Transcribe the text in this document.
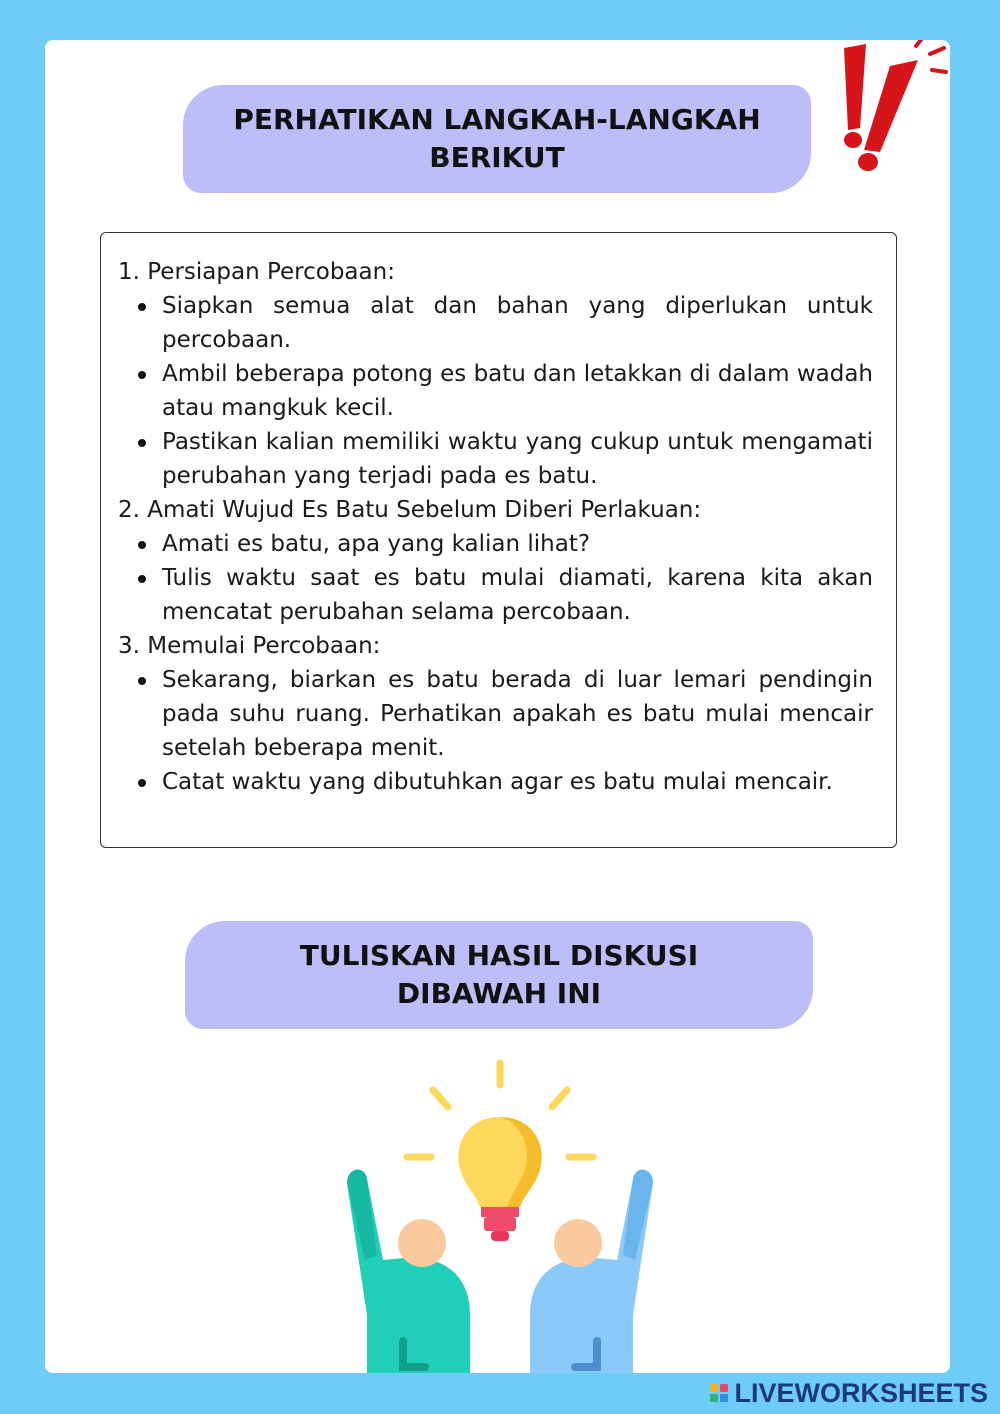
PERHATIKAN LANGKAH-LANGKAH
BERIKUT

1. Persiapan Percobaan:

Siapkan semua alat dan bahan yang diperlukan untuk percobaan.
Ambil beberapa potong es batu dan letakkan di dalam wadah atau mangkuk kecil.
Pastikan kalian memiliki waktu yang cukup untuk mengamati perubahan yang terjadi pada es batu.

2. Amati Wujud Es Batu Sebelum Diberi Perlakuan:

Amati es batu, apa yang kalian lihat?
Tulis waktu saat es batu mulai diamati, karena kita akan mencatat perubahan selama percobaan.

3. Memulai Percobaan:

Sekarang, biarkan es batu berada di luar lemari pendingin pada suhu ruang. Perhatikan apakah es batu mulai mencair setelah beberapa menit.
Catat waktu yang dibutuhkan agar es batu mulai mencair.
TULISKAN HASIL DISKUSI
DIBAWAH INI
LIVEWORKSHEETS
